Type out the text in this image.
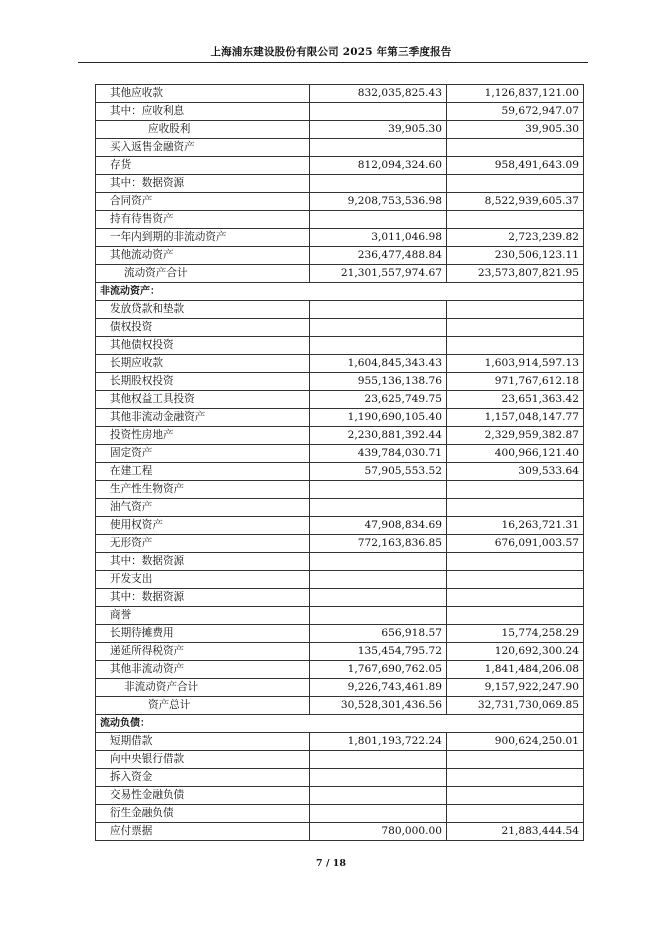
上海浦东建设股份有限公司 2025 年第三季度报告
其他应收款	832,035,825.43	1,126,837,121.00
其中：应收利息		59,672,947.07
应收股利	39,905.30	39,905.30
买入返售金融资产		
存货	812,094,324.60	958,491,643.09
其中：数据资源		
合同资产	9,208,753,536.98	8,522,939,605.37
持有待售资产		
一年内到期的非流动资产	3,011,046.98	2,723,239.82
其他流动资产	236,477,488.84	230,506,123.11
流动资产合计	21,301,557,974.67	23,573,807,821.95
非流动资产：		
发放贷款和垫款		
债权投资		
其他债权投资		
长期应收款	1,604,845,343.43	1,603,914,597.13
长期股权投资	955,136,138.76	971,767,612.18
其他权益工具投资	23,625,749.75	23,651,363.42
其他非流动金融资产	1,190,690,105.40	1,157,048,147.77
投资性房地产	2,230,881,392.44	2,329,959,382.87
固定资产	439,784,030.71	400,966,121.40
在建工程	57,905,553.52	309,533.64
生产性生物资产		
油气资产		
使用权资产	47,908,834.69	16,263,721.31
无形资产	772,163,836.85	676,091,003.57
其中：数据资源		
开发支出		
其中：数据资源		
商誉		
长期待摊费用	656,918.57	15,774,258.29
递延所得税资产	135,454,795.72	120,692,300.24
其他非流动资产	1,767,690,762.05	1,841,484,206.08
非流动资产合计	9,226,743,461.89	9,157,922,247.90
资产总计	30,528,301,436.56	32,731,730,069.85
流动负债：		
短期借款	1,801,193,722.24	900,624,250.01
向中央银行借款		
拆入资金		
交易性金融负债		
衍生金融负债		
应付票据	780,000.00	21,883,444.54
7 / 18
